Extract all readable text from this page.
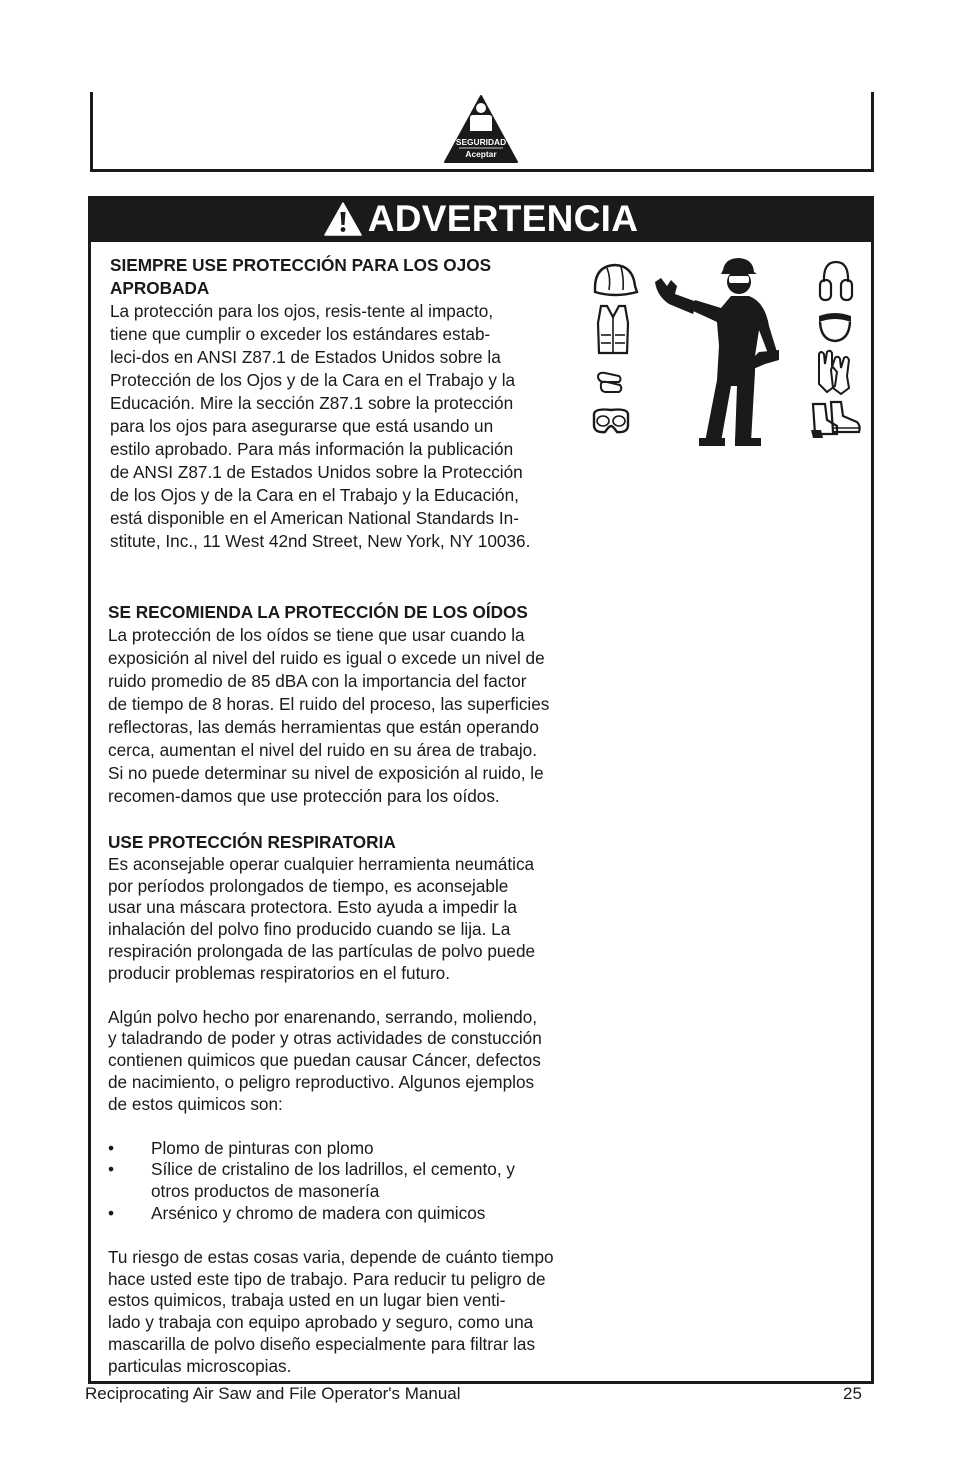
SEGURIDAD
Aceptar
ADVERTENCIA

SIEMPRE USE PROTECCIÓN PARA LOS OJOS

APROBADA

La protección para los ojos, resis-tente al impacto,

tiene que cumplir o exceder los estándares estab-

leci-dos en ANSI Z87.1 de Estados Unidos sobre la

Protección de los Ojos y de la Cara en el Trabajo y la

Educación. Mire la sección Z87.1 sobre la protección

para los ojos para asegurarse que está usando un

estilo aprobado. Para más información la publicación

de ANSI Z87.1 de Estados Unidos sobre la Protección

de los Ojos y de la Cara en el Trabajo y la Educación,

está disponible en el American National Standards In-

stitute, Inc., 11 West 42nd Street, New York, NY 10036.

SE RECOMIENDA LA PROTECCIÓN DE LOS OÍDOS

La protección de los oídos se tiene que usar cuando la

exposición al nivel del ruido es igual o excede un nivel de

ruido promedio de 85 dBA con la importancia del factor

de tiempo de 8 horas. El ruido del proceso, las superficies

reflectoras, las demás herramientas que están operando

cerca, aumentan el nivel del ruido en su área de trabajo.

Si no puede determinar su nivel de exposición al ruido, le

recomen-damos que use protección para los oídos.

USE PROTECCIÓN RESPIRATORIA

Es aconsejable operar cualquier herramienta neumática

por períodos prolongados de tiempo, es aconsejable

usar una máscara protectora. Esto ayuda a impedir la

inhalación del polvo fino producido cuando se lija. La

respiración prolongada de las partículas de polvo puede

producir problemas respiratorios en el futuro.

Algún polvo hecho por enarenando, serrando, moliendo,

y taladrando de poder y otras actividades de constucción

contienen quimicos que puedan causar Cáncer, defectos

de nacimiento, o peligro reproductivo. Algunos ejemplos

de estos quimicos son:

•	Plomo de pinturas con plomo

•	Sílice de cristalino de los ladrillos, el cemento, y

otros productos de masonería

•	Arsénico y chromo de madera con quimicos

Tu riesgo de estas cosas varia, depende de cuánto tiempo

hace usted este tipo de trabajo. Para reducir tu peligro de

estos quimicos, trabaja usted en un lugar bien venti-

lado y trabaja con equipo aprobado y seguro, como una

mascarilla de polvo diseño especialmente para filtrar las

particulas microscopias.

Reciprocating Air Saw and File Operator's Manual	25
